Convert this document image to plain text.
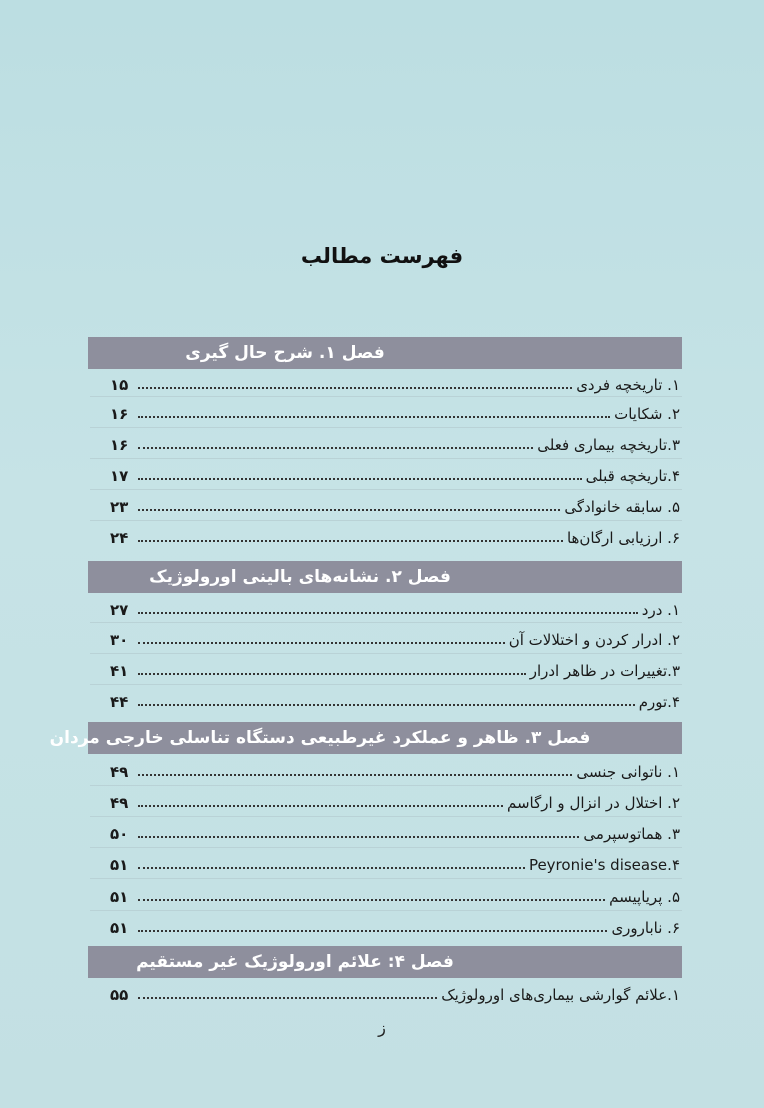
فهرست مطالب
فصل ۱. شرح حال گیری
۱. تاریخچه فردی
۱۵
۲. شکایات
۱۶
۳.تاریخچه بیماری فعلی
۱۶
۴.تاریخچه قبلی
۱۷
۵. سابقه خانوادگی
۲۳
۶. ارزیابی ارگان‌ها
۲۴
فصل ۲. نشانه‌های بالینی اورولوژیک
۱. درد
۲۷
۲. ادرار کردن و اختلالات آن
۳۰
۳.تغییرات در ظاهر ادرار
۴۱
۴.تورم
۴۴
فصل ۳. ظاهر و عملکرد غیرطبیعی دستگاه تناسلی خارجی مردان
۱. ناتوانی جنسی
۴۹
۲. اختلال در انزال و ارگاسم
۴۹
۳. هماتوسپرمی
۵۰
۴.Peyronie's disease
۵۱
۵. پریاپیسم
۵۱
۶. ناباروری
۵۱
فصل ۴: علائم اورولوژیک غیر مستقیم
۱.علائم گوارشی بیماری‌های اورولوژیک
۵۵
ز
